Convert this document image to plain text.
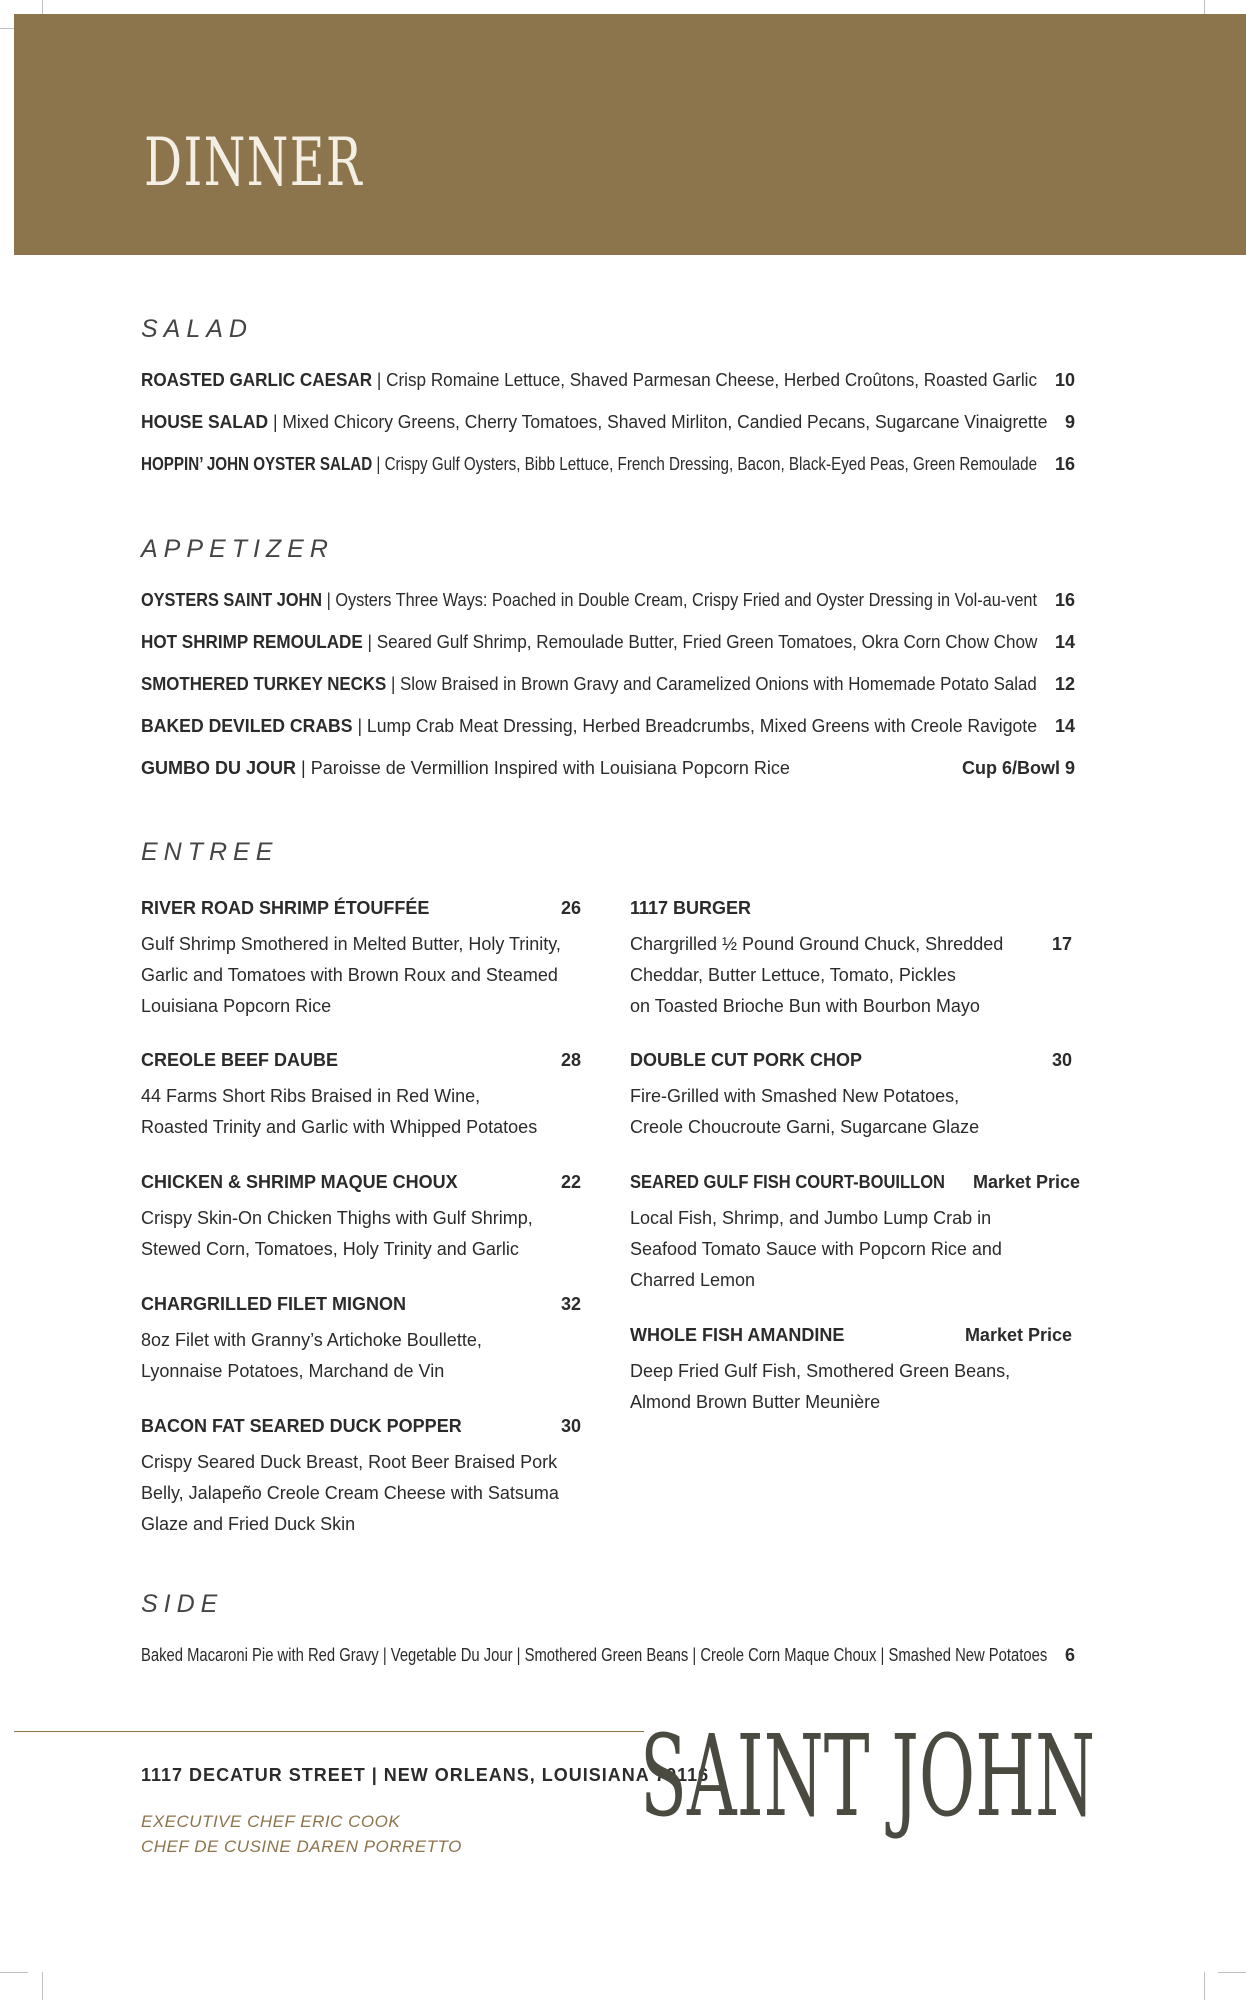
DINNER
SALAD
ROASTED GARLIC CAESAR | Crisp Romaine Lettuce, Shaved Parmesan Cheese, Herbed Croûtons, Roasted Garlic 10
HOUSE SALAD | Mixed Chicory Greens, Cherry Tomatoes, Shaved Mirliton, Candied Pecans, Sugarcane Vinaigrette 9
HOPPIN’ JOHN OYSTER SALAD | Crispy Gulf Oysters, Bibb Lettuce, French Dressing, Bacon, Black-Eyed Peas, Green Remoulade 16
APPETIZER
OYSTERS SAINT JOHN | Oysters Three Ways: Poached in Double Cream, Crispy Fried and Oyster Dressing in Vol-au-vent 16
HOT SHRIMP REMOULADE | Seared Gulf Shrimp, Remoulade Butter, Fried Green Tomatoes, Okra Corn Chow Chow 14
SMOTHERED TURKEY NECKS | Slow Braised in Brown Gravy and Caramelized Onions with Homemade Potato Salad 12
BAKED DEVILED CRABS | Lump Crab Meat Dressing, Herbed Breadcrumbs, Mixed Greens with Creole Ravigote 14
GUMBO DU JOUR | Paroisse de Vermillion Inspired with Louisiana Popcorn Rice	Cup 6/Bowl 9
ENTREE
RIVER ROAD SHRIMP ÉTOUFFÉE	26
Gulf Shrimp Smothered in Melted Butter, Holy Trinity,
Garlic and Tomatoes with Brown Roux and Steamed
Louisiana Popcorn Rice
CREOLE BEEF DAUBE	28
44 Farms Short Ribs Braised in Red Wine,
Roasted Trinity and Garlic with Whipped Potatoes
CHICKEN & SHRIMP MAQUE CHOUX	22
Crispy Skin-On Chicken Thighs with Gulf Shrimp,
Stewed Corn, Tomatoes, Holy Trinity and Garlic
CHARGRILLED FILET MIGNON	32
8oz Filet with Granny’s Artichoke Boullette,
Lyonnaise Potatoes, Marchand de Vin
BACON FAT SEARED DUCK POPPER	30
Crispy Seared Duck Breast, Root Beer Braised Pork
Belly, Jalapeño Creole Cream Cheese with Satsuma
Glaze and Fried Duck Skin
1117 BURGER
Chargrilled ½ Pound Ground Chuck, Shredded	17
Cheddar, Butter Lettuce, Tomato, Pickles
on Toasted Brioche Bun with Bourbon Mayo
DOUBLE CUT PORK CHOP	30
Fire-Grilled with Smashed New Potatoes,
Creole Choucroute Garni, Sugarcane Glaze
SEARED GULF FISH COURT-BOUILLON Market Price
Local Fish, Shrimp, and Jumbo Lump Crab in
Seafood Tomato Sauce with Popcorn Rice and
Charred Lemon
WHOLE FISH AMANDINE	Market Price
Deep Fried Gulf Fish, Smothered Green Beans,
Almond Brown Butter Meunière
SIDE
Baked Macaroni Pie with Red Gravy | Vegetable Du Jour | Smothered Green Beans | Creole Corn Maque Choux | Smashed New Potatoes 6
1117 DECATUR STREET | NEW ORLEANS, LOUISIANA 70116
EXECUTIVE CHEF ERIC COOK
CHEF DE CUSINE DAREN PORRETTO
SAINT JOHN
